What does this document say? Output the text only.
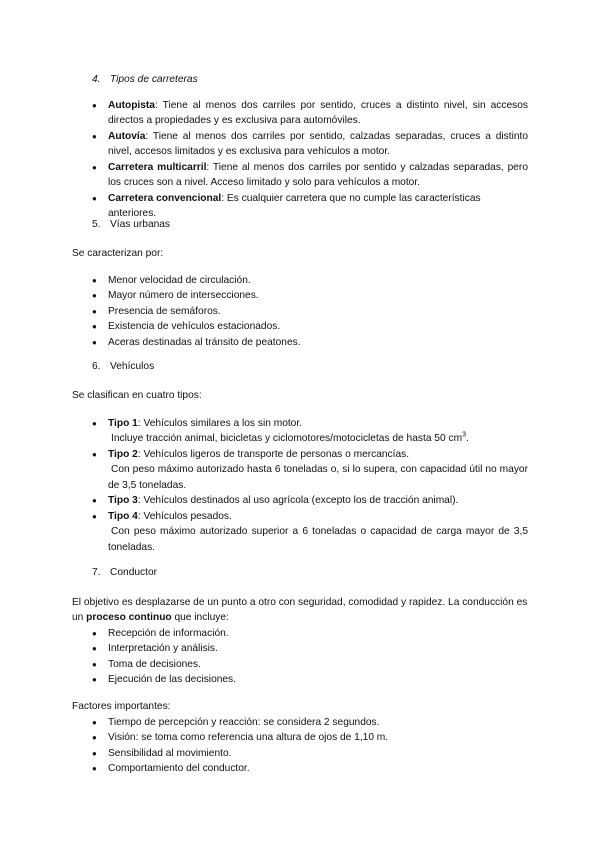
4. Tipos de carreteras
●	Autopista: Tiene al menos dos carriles por sentido, cruces a distinto nivel, sin accesos directos a propiedades y es exclusiva para automóviles.
●	Autovía: Tiene al menos dos carriles por sentido, calzadas separadas, cruces a distinto nivel, accesos limitados y es exclusiva para vehículos a motor.
●	Carretera multicarril: Tiene al menos dos carriles por sentido y calzadas separadas, pero los cruces son a nivel. Acceso limitado y solo para vehículos a motor.
●	Carretera convencional: Es cualquier carretera que no cumple las características anteriores.
5. Vías urbanas
Se caracterizan por:
●	Menor velocidad de circulación.
●	Mayor número de intersecciones.
●	Presencia de semáforos.
●	Existencia de vehículos estacionados.
●	Aceras destinadas al tránsito de peatones.
6. Vehículos
Se clasifican en cuatro tipos:
●	Tipo 1: Vehículos similares a los sin motor.
Incluye tracción animal, bicicletas y ciclomotores/motocicletas de hasta 50 $cm^3$.
●	Tipo 2: Vehículos ligeros de transporte de personas o mercancías.
Con peso máximo autorizado hasta 6 toneladas o, si lo supera, con capacidad útil no mayor de 3,5 toneladas.
●	Tipo 3: Vehículos destinados al uso agrícola (excepto los de tracción animal).
●	Tipo 4: Vehículos pesados.
Con peso máximo autorizado superior a 6 toneladas o capacidad de carga mayor de 3,5 toneladas.
7. Conductor
El objetivo es desplazarse de un punto a otro con seguridad, comodidad y rapidez. La conducción es un proceso continuo que incluye:
●	Recepción de información.
●	Interpretación y análisis.
●	Toma de decisiones.
●	Ejecución de las decisiones.
Factores importantes:
●	Tiempo de percepción y reacción: se considera 2 segundos.
●	Visión: se toma como referencia una altura de ojos de 1,10 m.
●	Sensibilidad al movimiento.
●	Comportamiento del conductor.
